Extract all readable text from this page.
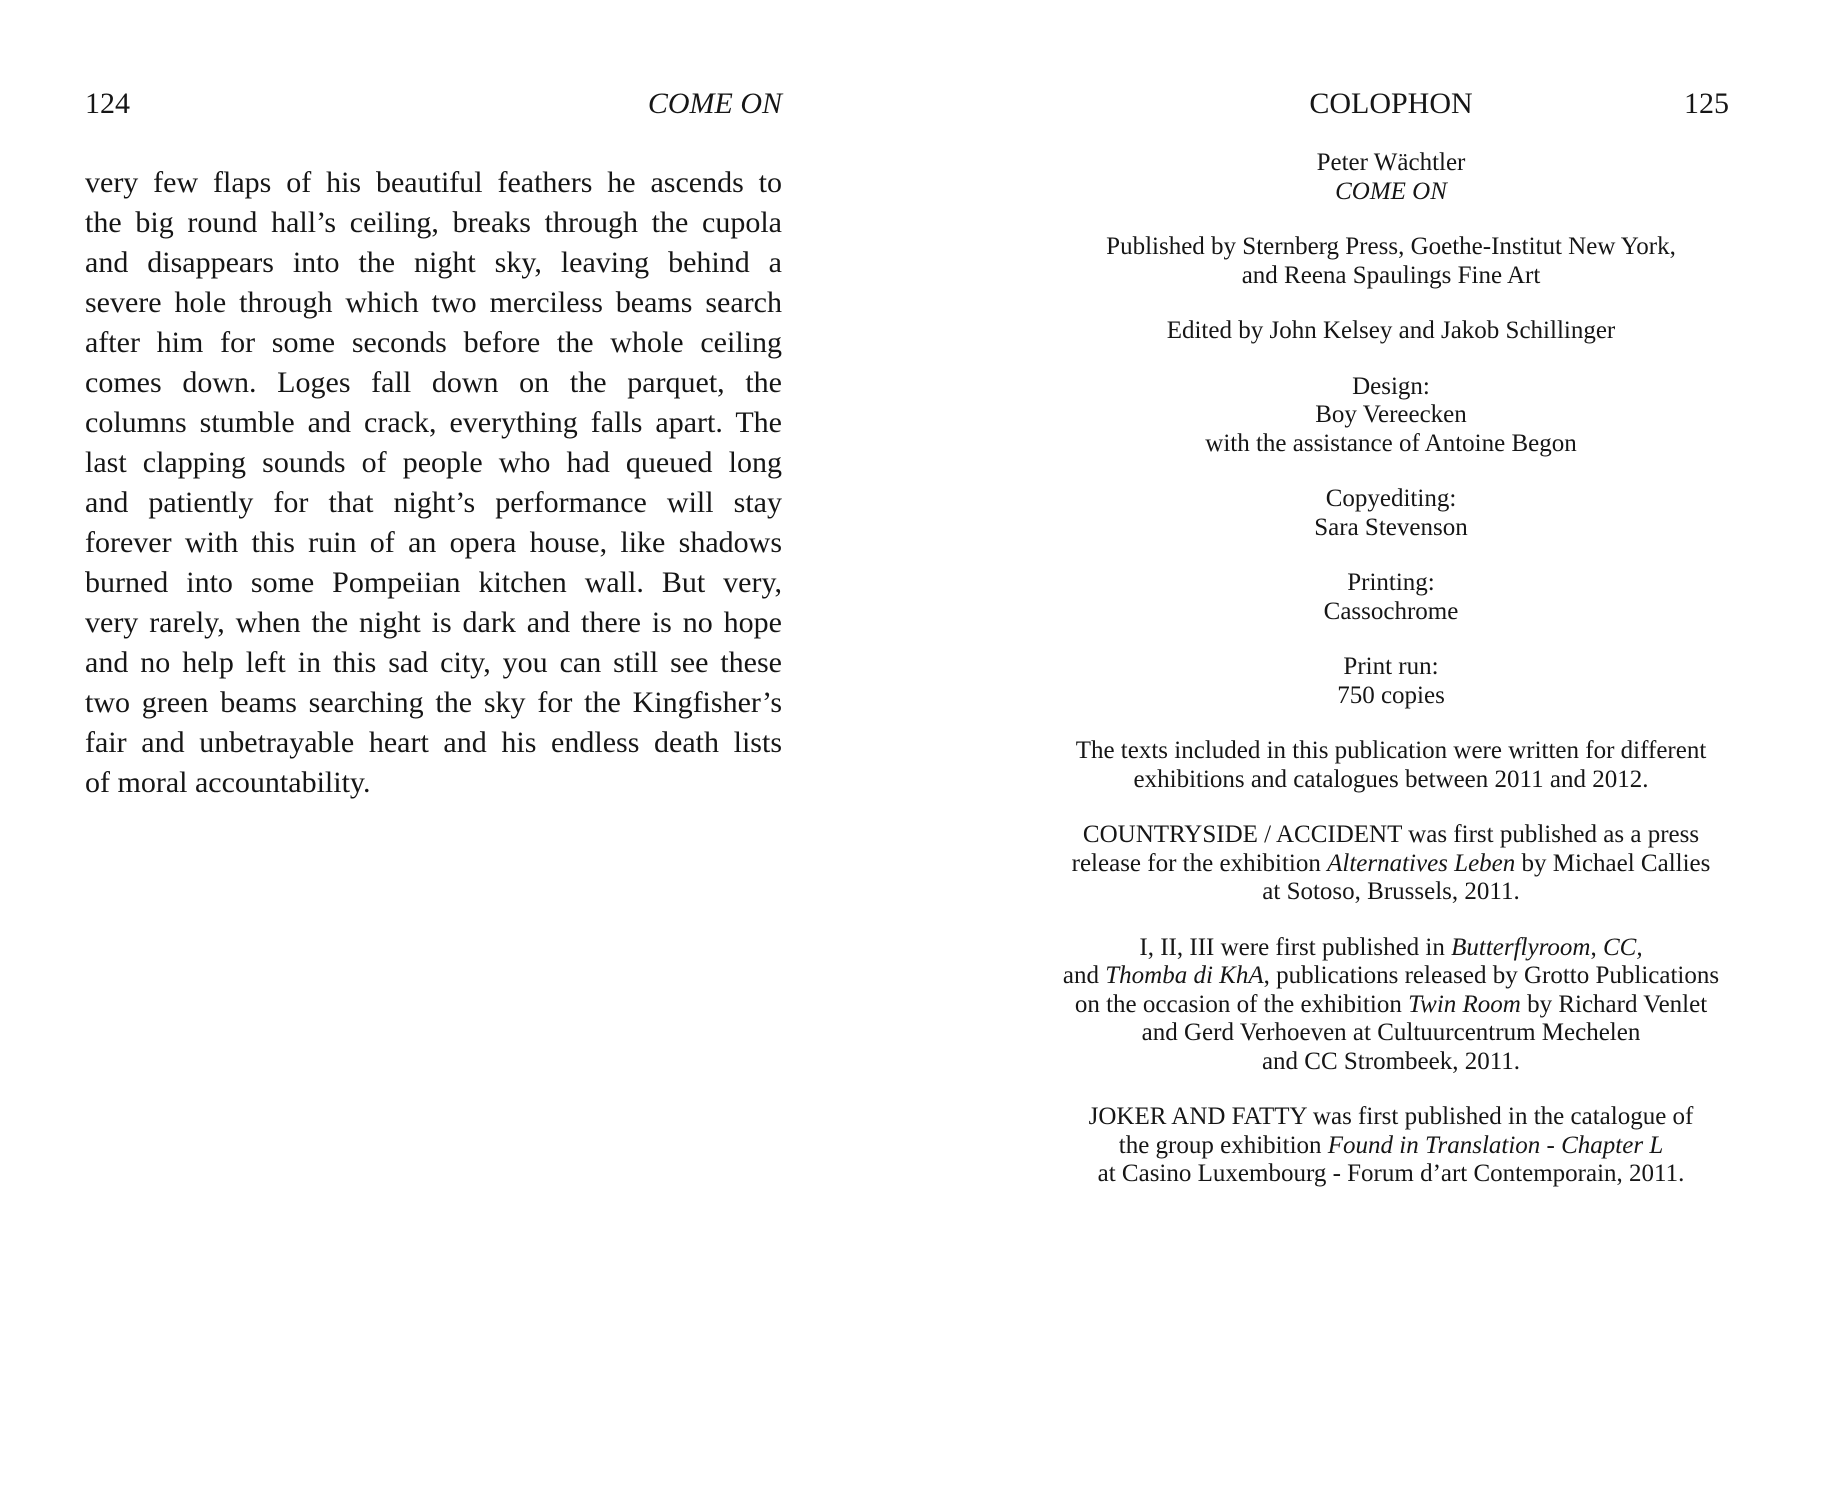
124	COME ON
very few flaps of his beautiful feathers he ascends to
the big round hall’s ceiling, breaks through the cupola
and disappears into the night sky, leaving behind a
severe hole through which two merciless beams search
after him for some seconds before the whole ceiling
comes down. Loges fall down on the parquet, the
columns stumble and crack, everything falls apart. The
last clapping sounds of people who had queued long
and patiently for that night’s performance will stay
forever with this ruin of an opera house, like shadows
burned into some Pompeiian kitchen wall. But very,
very rarely, when the night is dark and there is no hope
and no help left in this sad city, you can still see these
two green beams searching the sky for the Kingfisher’s
fair and unbetrayable heart and his endless death lists
of moral accountability.
COLOPHON	125
Peter Wächtler
COME ON
Published by Sternberg Press, Goethe-Institut New York,
and Reena Spaulings Fine Art
Edited by John Kelsey and Jakob Schillinger
Design:
Boy Vereecken
with the assistance of Antoine Begon
Copyediting:
Sara Stevenson
Printing:
Cassochrome
Print run:
750 copies
The texts included in this publication were written for different
exhibitions and catalogues between 2011 and 2012.
COUNTRYSIDE / ACCIDENT was first published as a press
release for the exhibition Alternatives Leben by Michael Callies
at Sotoso, Brussels, 2011.
I, II, III were first published in Butterflyroom, CC,
and Thomba di KhA, publications released by Grotto Publications
on the occasion of the exhibition Twin Room by Richard Venlet
and Gerd Verhoeven at Cultuurcentrum Mechelen
and CC Strombeek, 2011.
JOKER AND FATTY was first published in the catalogue of
the group exhibition Found in Translation - Chapter L
at Casino Luxembourg - Forum d’art Contemporain, 2011.
